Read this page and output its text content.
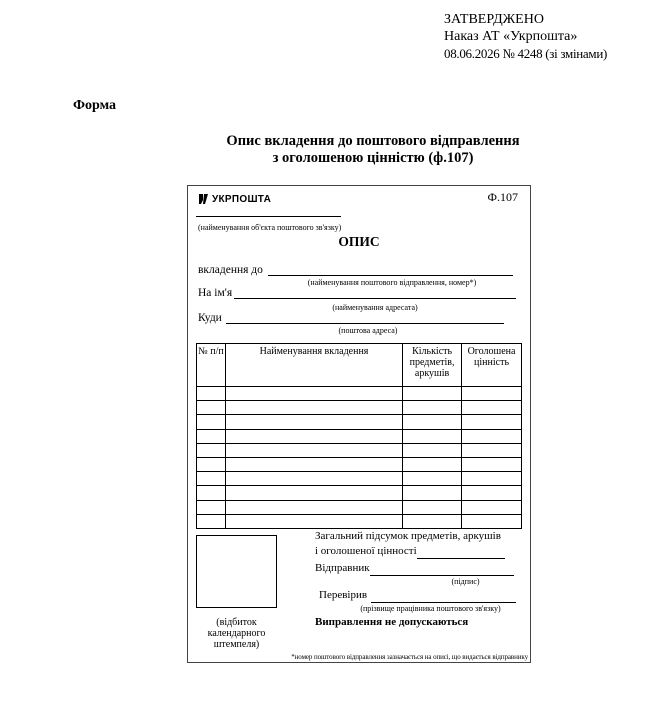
ЗАТВЕРДЖЕНО
Наказ АТ «Укрпошта»
08.06.2026 № 4248 (зі змінами)
Форма
Опис вкладення до поштового відправлення
з оголошеною цінністю (ф.107)
УКРПОШТА	Ф.107
(найменування об'єкта поштового зв'язку)
ОПИС
вкладення до
(найменування поштового відправлення, номер*)
На ім'я
(найменування адресата)
Куди
(поштова адреса)
№ п/п	Найменування вкладення	Кількість предметів, аркушів	Оголошена цінність

(відбиток календарного штемпеля)
Загальний підсумок предметів, аркушів
і оголошеної цінності
Відправник
(підпис)
Перевірив
(прізвище працівника поштового зв'язку)
Виправлення не допускаються
*номер поштового відправлення зазначається на описі, що видається відправнику
